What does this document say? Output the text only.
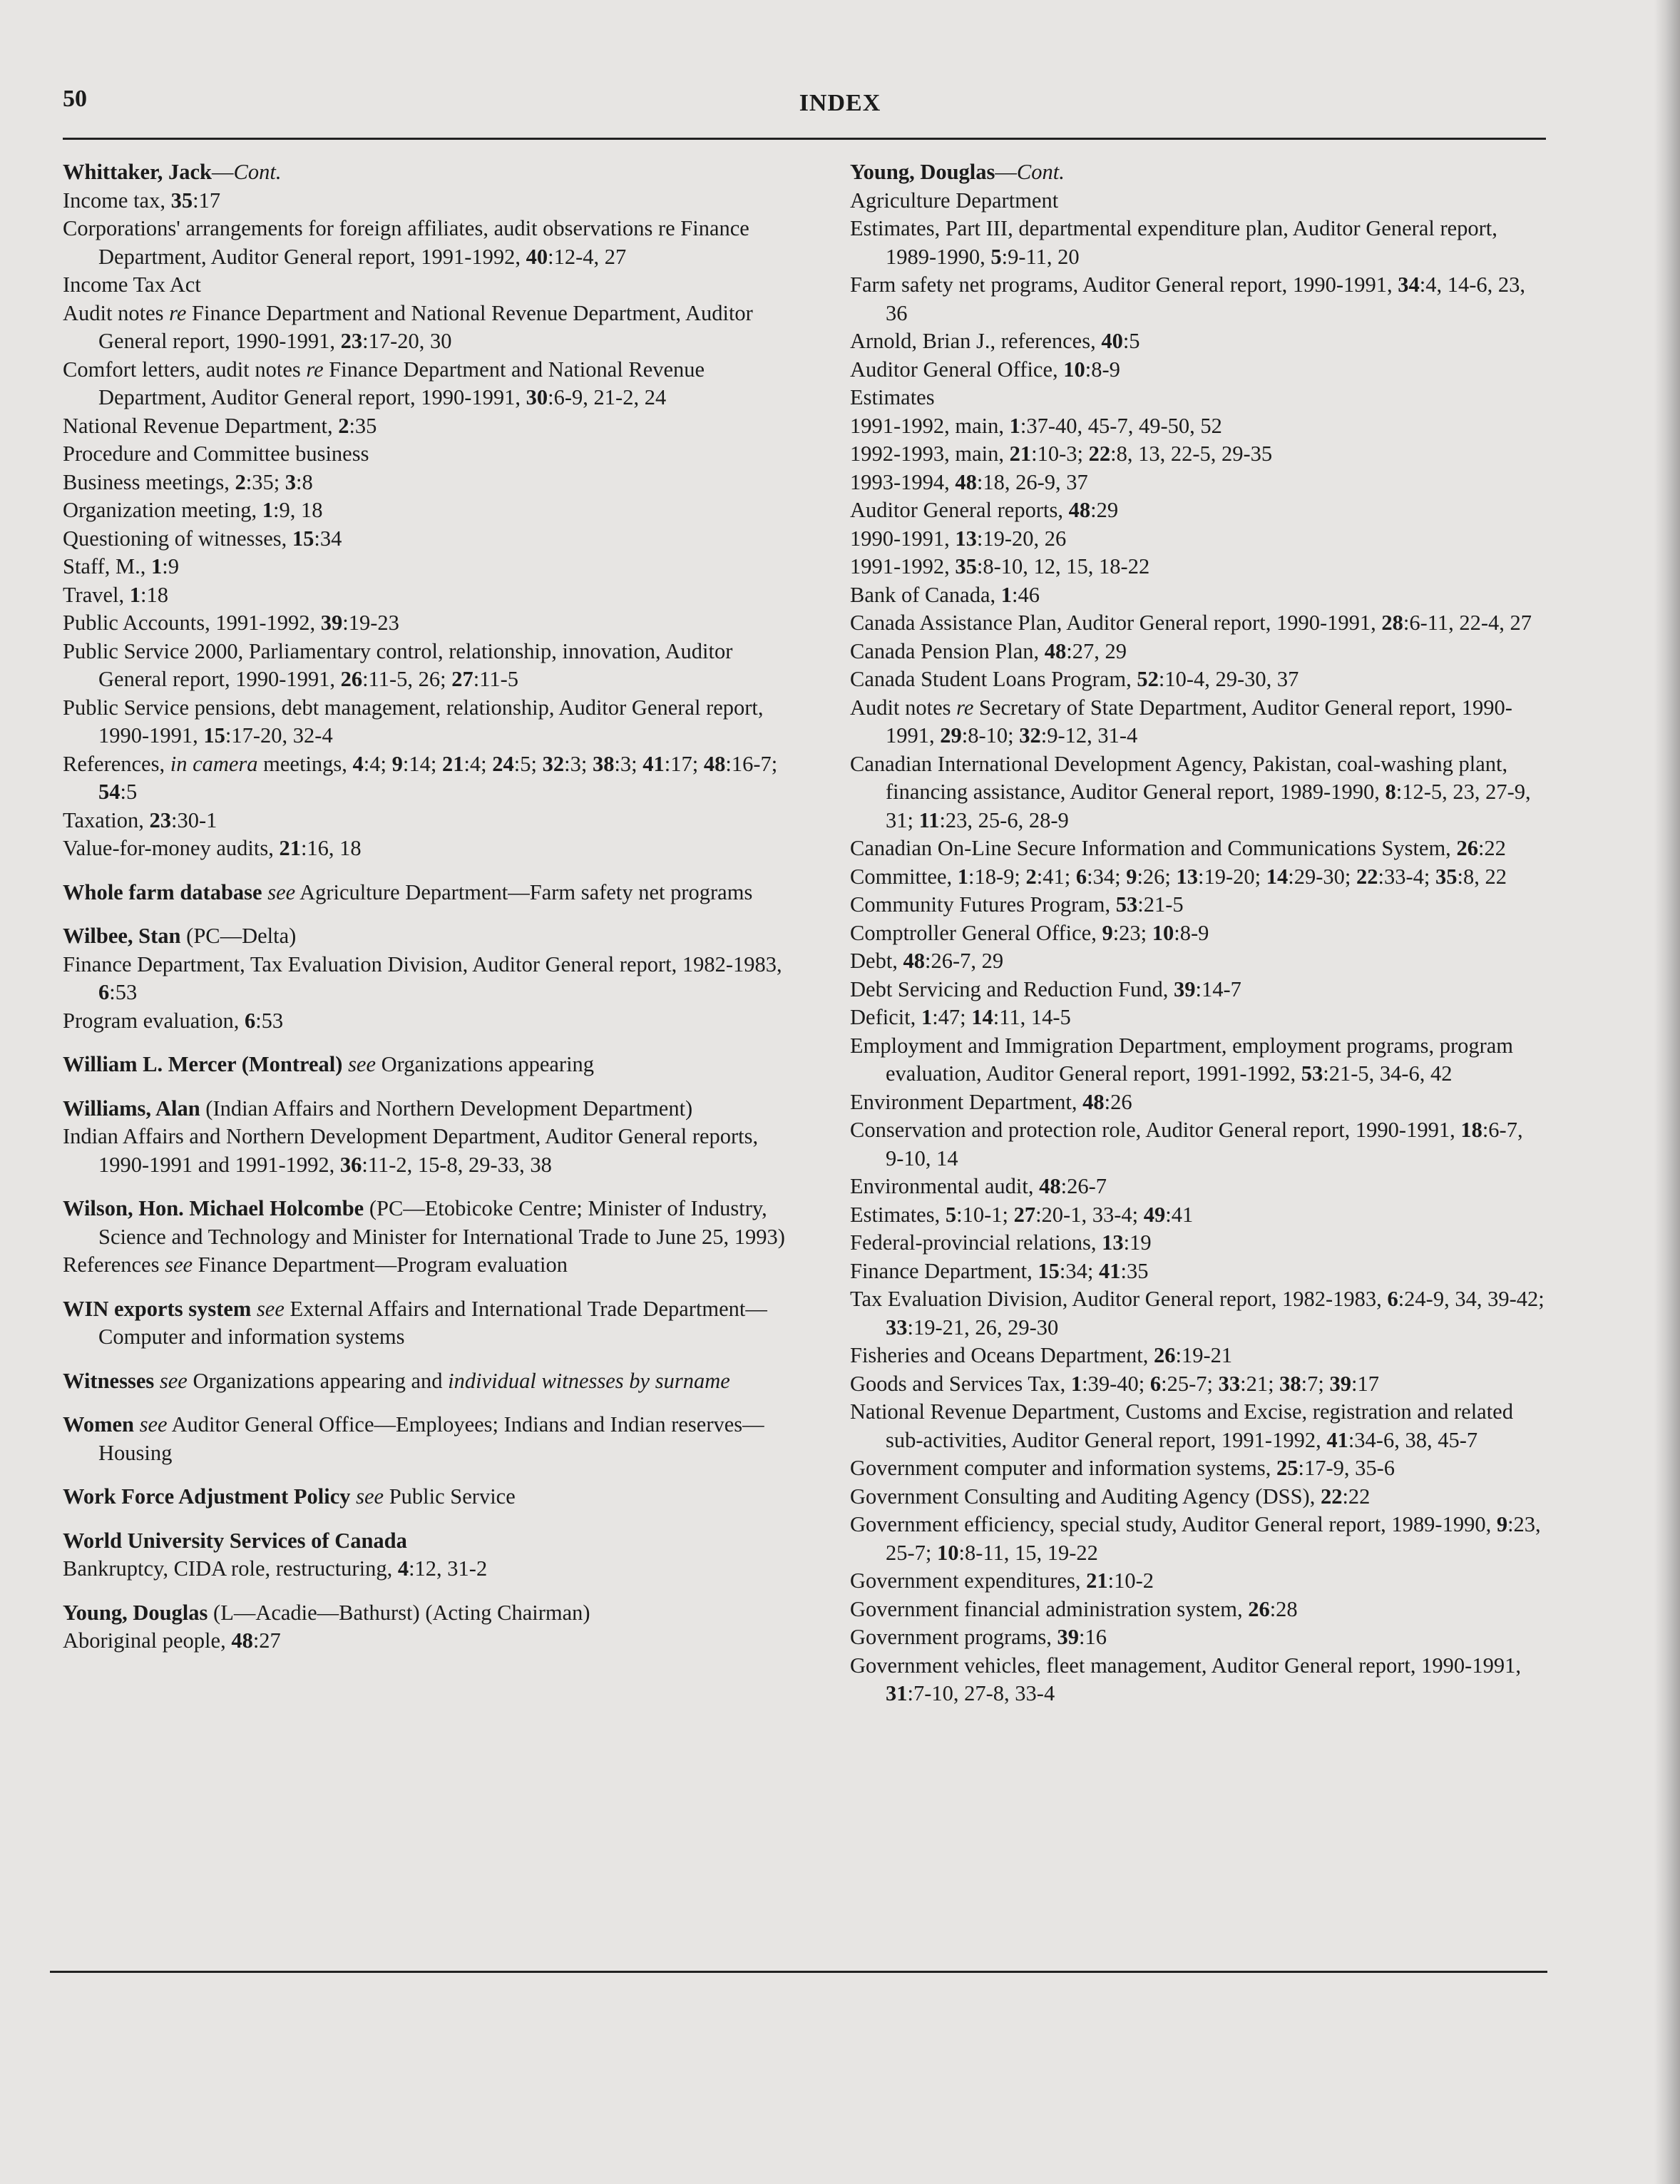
50	INDEX

Whittaker, Jack—Cont.

Income tax, 35:17

Corporations' arrangements for foreign affiliates, audit observations re Finance Department, Auditor General report, 1991-1992, 40:12-4, 27

Income Tax Act

Audit notes re Finance Department and National Revenue Department, Auditor General report, 1990-1991, 23:17-20, 30

Comfort letters, audit notes re Finance Department and National Revenue Department, Auditor General report, 1990-1991, 30:6-9, 21-2, 24

National Revenue Department, 2:35

Procedure and Committee business

Business meetings, 2:35; 3:8

Organization meeting, 1:9, 18

Questioning of witnesses, 15:34

Staff, M., 1:9

Travel, 1:18

Public Accounts, 1991-1992, 39:19-23

Public Service 2000, Parliamentary control, relationship, innovation, Auditor General report, 1990-1991, 26:11-5, 26; 27:11-5

Public Service pensions, debt management, relationship, Auditor General report, 1990-1991, 15:17-20, 32-4

References, in camera meetings, 4:4; 9:14; 21:4; 24:5; 32:3; 38:3; 41:17; 48:16-7; 54:5

Taxation, 23:30-1

Value-for-money audits, 21:16, 18

Whole farm database see Agriculture Department—Farm safety net programs

Wilbee, Stan (PC—Delta)

Finance Department, Tax Evaluation Division, Auditor General report, 1982-1983, 6:53

Program evaluation, 6:53

William L. Mercer (Montreal) see Organizations appearing

Williams, Alan (Indian Affairs and Northern Development Department)

Indian Affairs and Northern Development Department, Auditor General reports, 1990-1991 and 1991-1992, 36:11-2, 15-8, 29-33, 38

Wilson, Hon. Michael Holcombe (PC—Etobicoke Centre; Minister of Industry, Science and Technology and Minister for International Trade to June 25, 1993)

References see Finance Department—Program evaluation

WIN exports system see External Affairs and International Trade Department—Computer and information systems

Witnesses see Organizations appearing and individual witnesses by surname

Women see Auditor General Office—Employees; Indians and Indian reserves—Housing

Work Force Adjustment Policy see Public Service

World University Services of Canada

Bankruptcy, CIDA role, restructuring, 4:12, 31-2

Young, Douglas (L—Acadie—Bathurst) (Acting Chairman)

Aboriginal people, 48:27

Young, Douglas—Cont.

Agriculture Department

Estimates, Part III, departmental expenditure plan, Auditor General report, 1989-1990, 5:9-11, 20

Farm safety net programs, Auditor General report, 1990-1991, 34:4, 14-6, 23, 36

Arnold, Brian J., references, 40:5

Auditor General Office, 10:8-9

Estimates

1991-1992, main, 1:37-40, 45-7, 49-50, 52

1992-1993, main, 21:10-3; 22:8, 13, 22-5, 29-35

1993-1994, 48:18, 26-9, 37

Auditor General reports, 48:29

1990-1991, 13:19-20, 26

1991-1992, 35:8-10, 12, 15, 18-22

Bank of Canada, 1:46

Canada Assistance Plan, Auditor General report, 1990-1991, 28:6-11, 22-4, 27

Canada Pension Plan, 48:27, 29

Canada Student Loans Program, 52:10-4, 29-30, 37

Audit notes re Secretary of State Department, Auditor General report, 1990-1991, 29:8-10; 32:9-12, 31-4

Canadian International Development Agency, Pakistan, coal-washing plant, financing assistance, Auditor General report, 1989-1990, 8:12-5, 23, 27-9, 31; 11:23, 25-6, 28-9

Canadian On-Line Secure Information and Communications System, 26:22

Committee, 1:18-9; 2:41; 6:34; 9:26; 13:19-20; 14:29-30; 22:33-4; 35:8, 22

Community Futures Program, 53:21-5

Comptroller General Office, 9:23; 10:8-9

Debt, 48:26-7, 29

Debt Servicing and Reduction Fund, 39:14-7

Deficit, 1:47; 14:11, 14-5

Employment and Immigration Department, employment programs, program evaluation, Auditor General report, 1991-1992, 53:21-5, 34-6, 42

Environment Department, 48:26

Conservation and protection role, Auditor General report, 1990-1991, 18:6-7, 9-10, 14

Environmental audit, 48:26-7

Estimates, 5:10-1; 27:20-1, 33-4; 49:41

Federal-provincial relations, 13:19

Finance Department, 15:34; 41:35

Tax Evaluation Division, Auditor General report, 1982-1983, 6:24-9, 34, 39-42; 33:19-21, 26, 29-30

Fisheries and Oceans Department, 26:19-21

Goods and Services Tax, 1:39-40; 6:25-7; 33:21; 38:7; 39:17

National Revenue Department, Customs and Excise, registration and related sub-activities, Auditor General report, 1991-1992, 41:34-6, 38, 45-7

Government computer and information systems, 25:17-9, 35-6

Government Consulting and Auditing Agency (DSS), 22:22

Government efficiency, special study, Auditor General report, 1989-1990, 9:23, 25-7; 10:8-11, 15, 19-22

Government expenditures, 21:10-2

Government financial administration system, 26:28

Government programs, 39:16

Government vehicles, fleet management, Auditor General report, 1990-1991, 31:7-10, 27-8, 33-4
